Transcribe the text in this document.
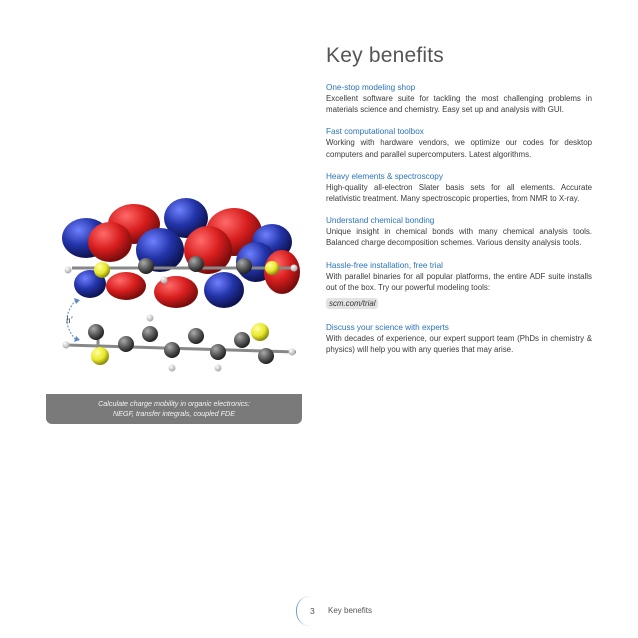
h'
Calculate charge mobility in organic electronics:
NEGF, transfer integrals, coupled FDE
Key benefits
One-stop modeling shop
Excellent software suite for tackling the most challenging problems in materials science and chemistry. Easy set up and analysis with GUI.
Fast computational toolbox
Working with hardware vendors, we optimize our codes for desktop computers and parallel supercomputers. Latest algorithms.
Heavy elements & spectroscopy
High-quality all-electron Slater basis sets for all elements. Accurate relativistic treatment. Many spectroscopic properties, from NMR to X-ray.
Understand chemical bonding
Unique insight in chemical bonds with many chemical analysis tools. Balanced charge decomposition schemes. Various density analysis tools.
Hassle-free installation, free trial
With parallel binaries for all popular platforms, the entire ADF suite installs out of the box. Try our powerful modeling tools:
scm.com/trial
Discuss your science with experts
With decades of experience, our expert support team (PhDs in chemistry & physics) will help you with any queries that may arise.
3 Key benefits
